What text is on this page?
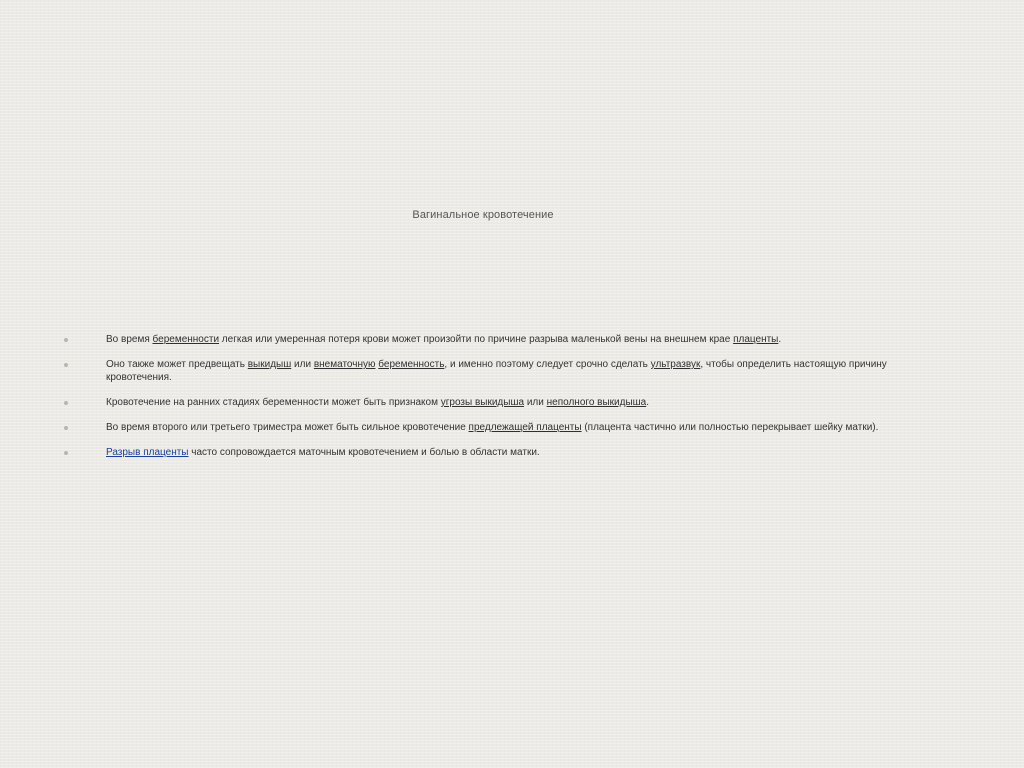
Вагинальное кровотечение
Во время беременности легкая или умеренная потеря крови может произойти по причине разрыва маленькой вены на внешнем крае плаценты.
Оно также может предвещать выкидыш или внематочную беременность, и именно поэтому следует срочно сделать ультразвук, чтобы определить настоящую причину кровотечения.
Кровотечение на ранних стадиях беременности может быть признаком угрозы выкидыша или неполного выкидыша.
Во время второго или третьего триместра может быть сильное кровотечение предлежащей плаценты (плацента частично или полностью перекрывает шейку матки).
Разрыв плаценты часто сопровождается маточным кровотечением и болью в области матки.
